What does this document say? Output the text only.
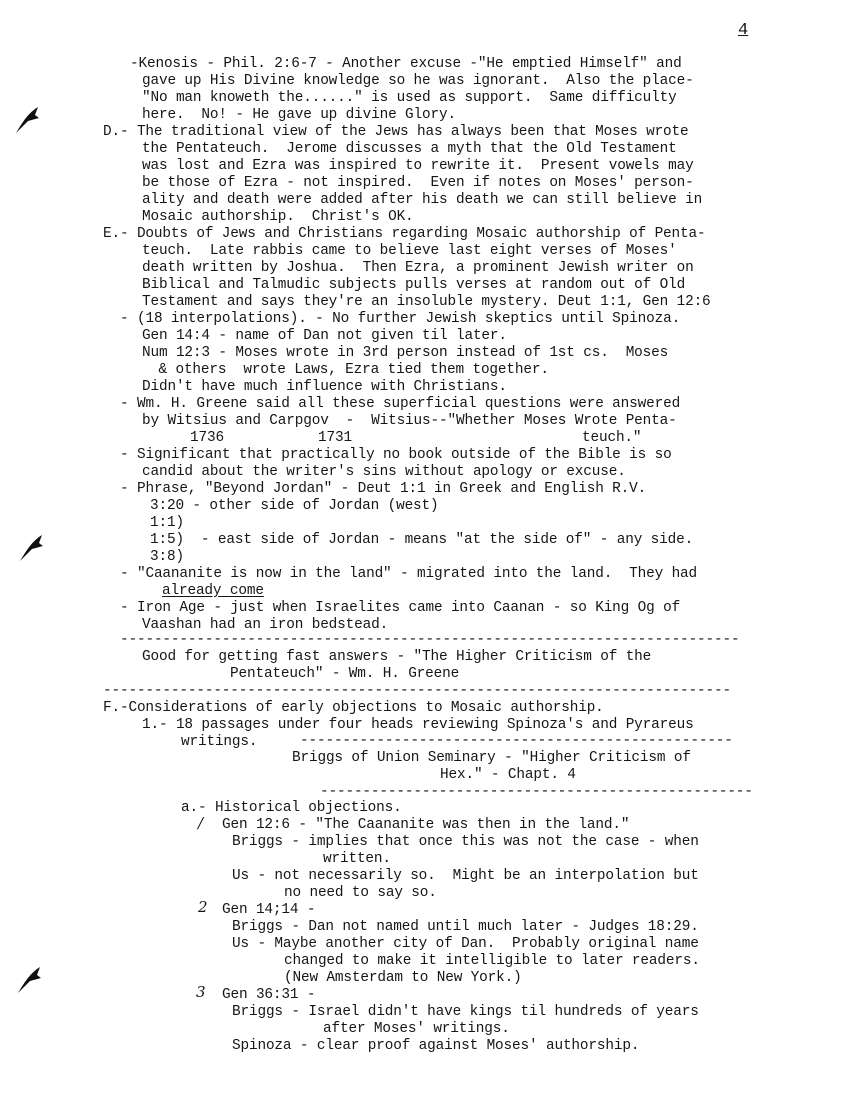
4
-Kenosis - Phil. 2:6-7 - Another excuse -"He emptied Himself" and
gave up His Divine knowledge so he was ignorant.  Also the place-
"No man knoweth the......" is used as support.  Same difficulty
here.  No! - He gave up divine Glory.
D.- The traditional view of the Jews has always been that Moses wrote
the Pentateuch.  Jerome discusses a myth that the Old Testament
was lost and Ezra was inspired to rewrite it.  Present vowels may
be those of Ezra - not inspired.  Even if notes on Moses' person-
ality and death were added after his death we can still believe in
Mosaic authorship.  Christ's OK.
E.- Doubts of Jews and Christians regarding Mosaic authorship of Penta-
teuch.  Late rabbis came to believe last eight verses of Moses'
death written by Joshua.  Then Ezra, a prominent Jewish writer on
Biblical and Talmudic subjects pulls verses at random out of Old
Testament and says they're an insoluble mystery. Deut 1:1, Gen 12:6
- (18 interpolations). - No further Jewish skeptics until Spinoza.
Gen 14:4 - name of Dan not given til later.
Num 12:3 - Moses wrote in 3rd person instead of 1st cs.  Moses
& others  wrote Laws, Ezra tied them together.
Didn't have much influence with Christians.
- Wm. H. Greene said all these superficial questions were answered
by Witsius and Carpgov  -  Witsius--"Whether Moses Wrote Penta-
1736	1731	teuch."
- Significant that practically no book outside of the Bible is so
candid about the writer's sins without apology or excuse.
- Phrase, "Beyond Jordan" - Deut 1:1 in Greek and English R.V.
3:20 - other side of Jordan (west)
1:1)
1:5)  - east side of Jordan - means "at the side of" - any side.
3:8)
- "Caananite is now in the land" - migrated into the land.  They had
already come
- Iron Age - just when Israelites came into Caanan - so King Og of
Vaashan had an iron bedstead.
-------------------------------------------------------------------------
Good for getting fast answers - "The Higher Criticism of the
Pentateuch" - Wm. H. Greene
--------------------------------------------------------------------------
F.-Considerations of early objections to Mosaic authorship.
1.- 18 passages under four heads reviewing Spinoza's and Pyrareus
writings.	---------------------------------------------------
Briggs of Union Seminary - "Higher Criticism of
Hex." - Chapt. 4
---------------------------------------------------
a.- Historical objections.
/ Gen 12:6 - "The Caananite was then in the land."
Briggs - implies that once this was not the case - when
written.
Us - not necessarily so.  Might be an interpolation but
no need to say so.
2 Gen 14;14 -
Briggs - Dan not named until much later - Judges 18:29.
Us - Maybe another city of Dan.  Probably original name
changed to make it intelligible to later readers.
(New Amsterdam to New York.)
3 Gen 36:31 -
Briggs - Israel didn't have kings til hundreds of years
after Moses' writings.
Spinoza - clear proof against Moses' authorship.
